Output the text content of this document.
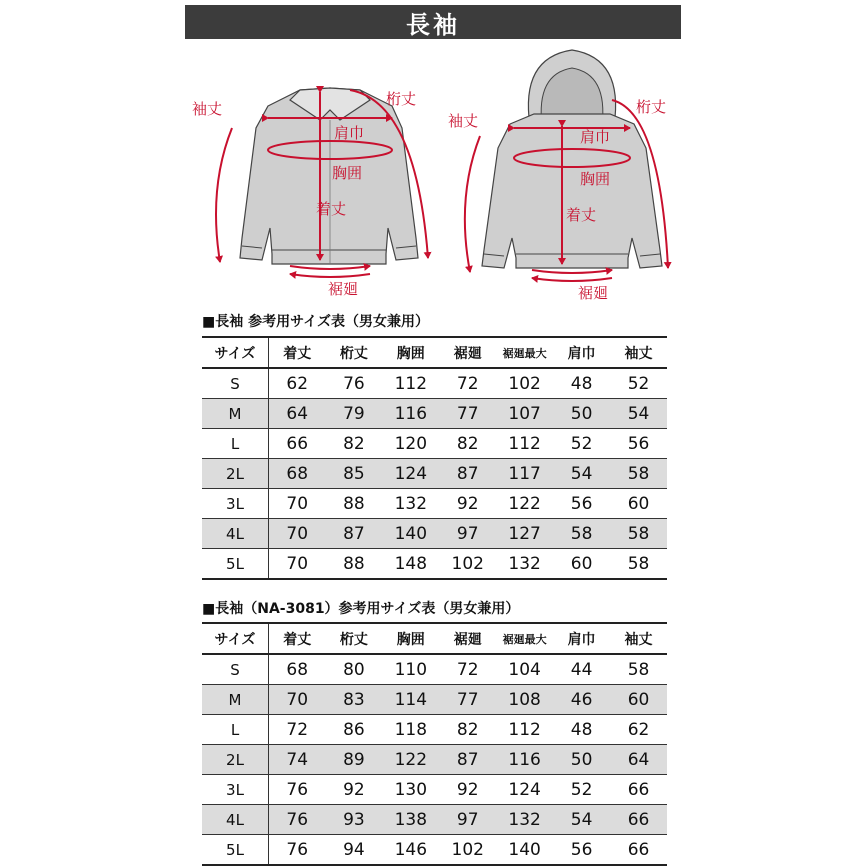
長袖
袖丈
桁丈
肩巾
胸囲
着丈
裾廻
袖丈
桁丈
肩巾
胸囲
着丈
裾廻
■長袖 参考用サイズ表（男女兼用）
サイズ	着丈	桁丈	胸囲	裾廻	裾廻最大	肩巾	袖丈
S	62	76	112	72	102	48	52
M	64	79	116	77	107	50	54
L	66	82	120	82	112	52	56
2L	68	85	124	87	117	54	58
3L	70	88	132	92	122	56	60
4L	70	87	140	97	127	58	58
5L	70	88	148	102	132	60	58
■長袖（NA-3081）参考用サイズ表（男女兼用）
サイズ	着丈	桁丈	胸囲	裾廻	裾廻最大	肩巾	袖丈
S	68	80	110	72	104	44	58
M	70	83	114	77	108	46	60
L	72	86	118	82	112	48	62
2L	74	89	122	87	116	50	64
3L	76	92	130	92	124	52	66
4L	76	93	138	97	132	54	66
5L	76	94	146	102	140	56	66
